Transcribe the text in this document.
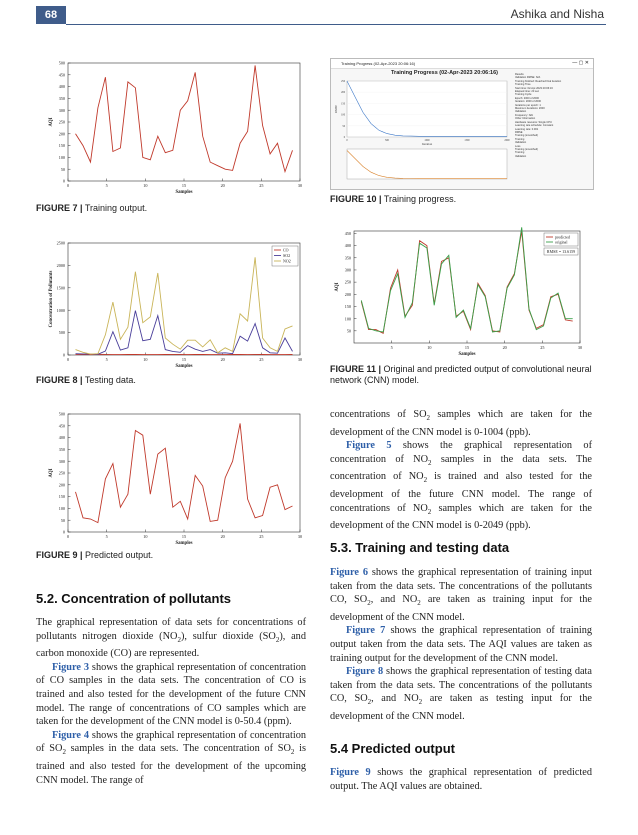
68	Ashika and Nisha
0
50
100
150
200
250
300
350
400
450
500
0	5	10	15	20	25	30
Samples
AQI
FIGURE 7 | Training output.
0
500
1000
1500
2000
2500
0	5	10	15	20	25	30
Samples
Concentration of Pollutants
CO
SO2
NO2
FIGURE 8 | Testing data.
0
50
100
150
200
250
300
350
400
450
500
0	5	10	15	20	25	30
Samples
AQI
FIGURE 9 | Predicted output.
Training Progress (02-Apr-2023 20:06:16)	— ▢ ✕
Training Progress (02-Apr-2023 20:06:16)
0
50
100
150
200
250
0	500	1000	1500	2000
Iteration
RMSE
Results
Validation RMSE: N/A
Training finished: Reached final iteration
Training Time
Start time: 02-Apr-2023 20:06:16
Elapsed time: 23 sec
Training Cycle
Epoch: 2000 of 2000
Iteration: 2000 of 2000
Iterations per epoch: 1
Maximum iterations: 2000
Validation
Frequency: N/A
Other Information
Hardware resource: Single CPU
Learning rate schedule: Constant
Learning rate: 0.001
RMSE
Training (smoothed)
Training
Validation
Loss
Training (smoothed)
Training
Validation
FIGURE 10 | Training progress.
50
100
150
200
250
300
350
400
450
5	10	15	20	25	30
Samples
AQI
predicted
original
RMSE = 13.6159
FIGURE 11 | Original and predicted output of convolutional neural network (CNN) model.

concentrations of $SO_2$ samples which are taken for the development of the CNN model is 0-1004 (ppb).

Figure 5 shows the graphical representation of concentration of $NO_2$ samples in the data sets. The concentration of $NO_2$ is trained and also tested for the development of the future CNN model. The range of concentrations of $NO_2$ samples which are taken for the development of the CNN model is 0-2049 (ppb).

5.3. Training and testing data

Figure 6 shows the graphical representation of training input taken from the data sets. The concentrations of the pollutants CO, $SO_2$, and $NO_2$ are taken as training input for the development of the CNN model.

Figure 7 shows the graphical representation of training output taken from the data sets. The AQI values are taken as training output for the development of the CNN model.

Figure 8 shows the graphical representation of testing data taken from the data sets. The concentrations of the pollutants CO, $SO_2$, and $NO_2$ are taken as testing input for the development of the CNN model.

5.4 Predicted output

Figure 9 shows the graphical representation of predicted output. The AQI values are obtained.

5.2. Concentration of pollutants

The graphical representation of data sets for concentrations of pollutants nitrogen dioxide $(NO_2)$, sulfur dioxide $(SO_2)$, and carbon monoxide (CO) are represented.

Figure 3 shows the graphical representation of concentration of CO samples in the data sets. The concentration of CO is trained and also tested for the development of the future CNN model. The range of concentrations of CO samples which are taken for the development of the CNN model is 0-50.4 (ppm).

Figure 4 shows the graphical representation of concentration of $SO_2$ samples in the data sets. The concentration of $SO_2$ is trained and also tested for the development of the upcoming CNN model. The range of
